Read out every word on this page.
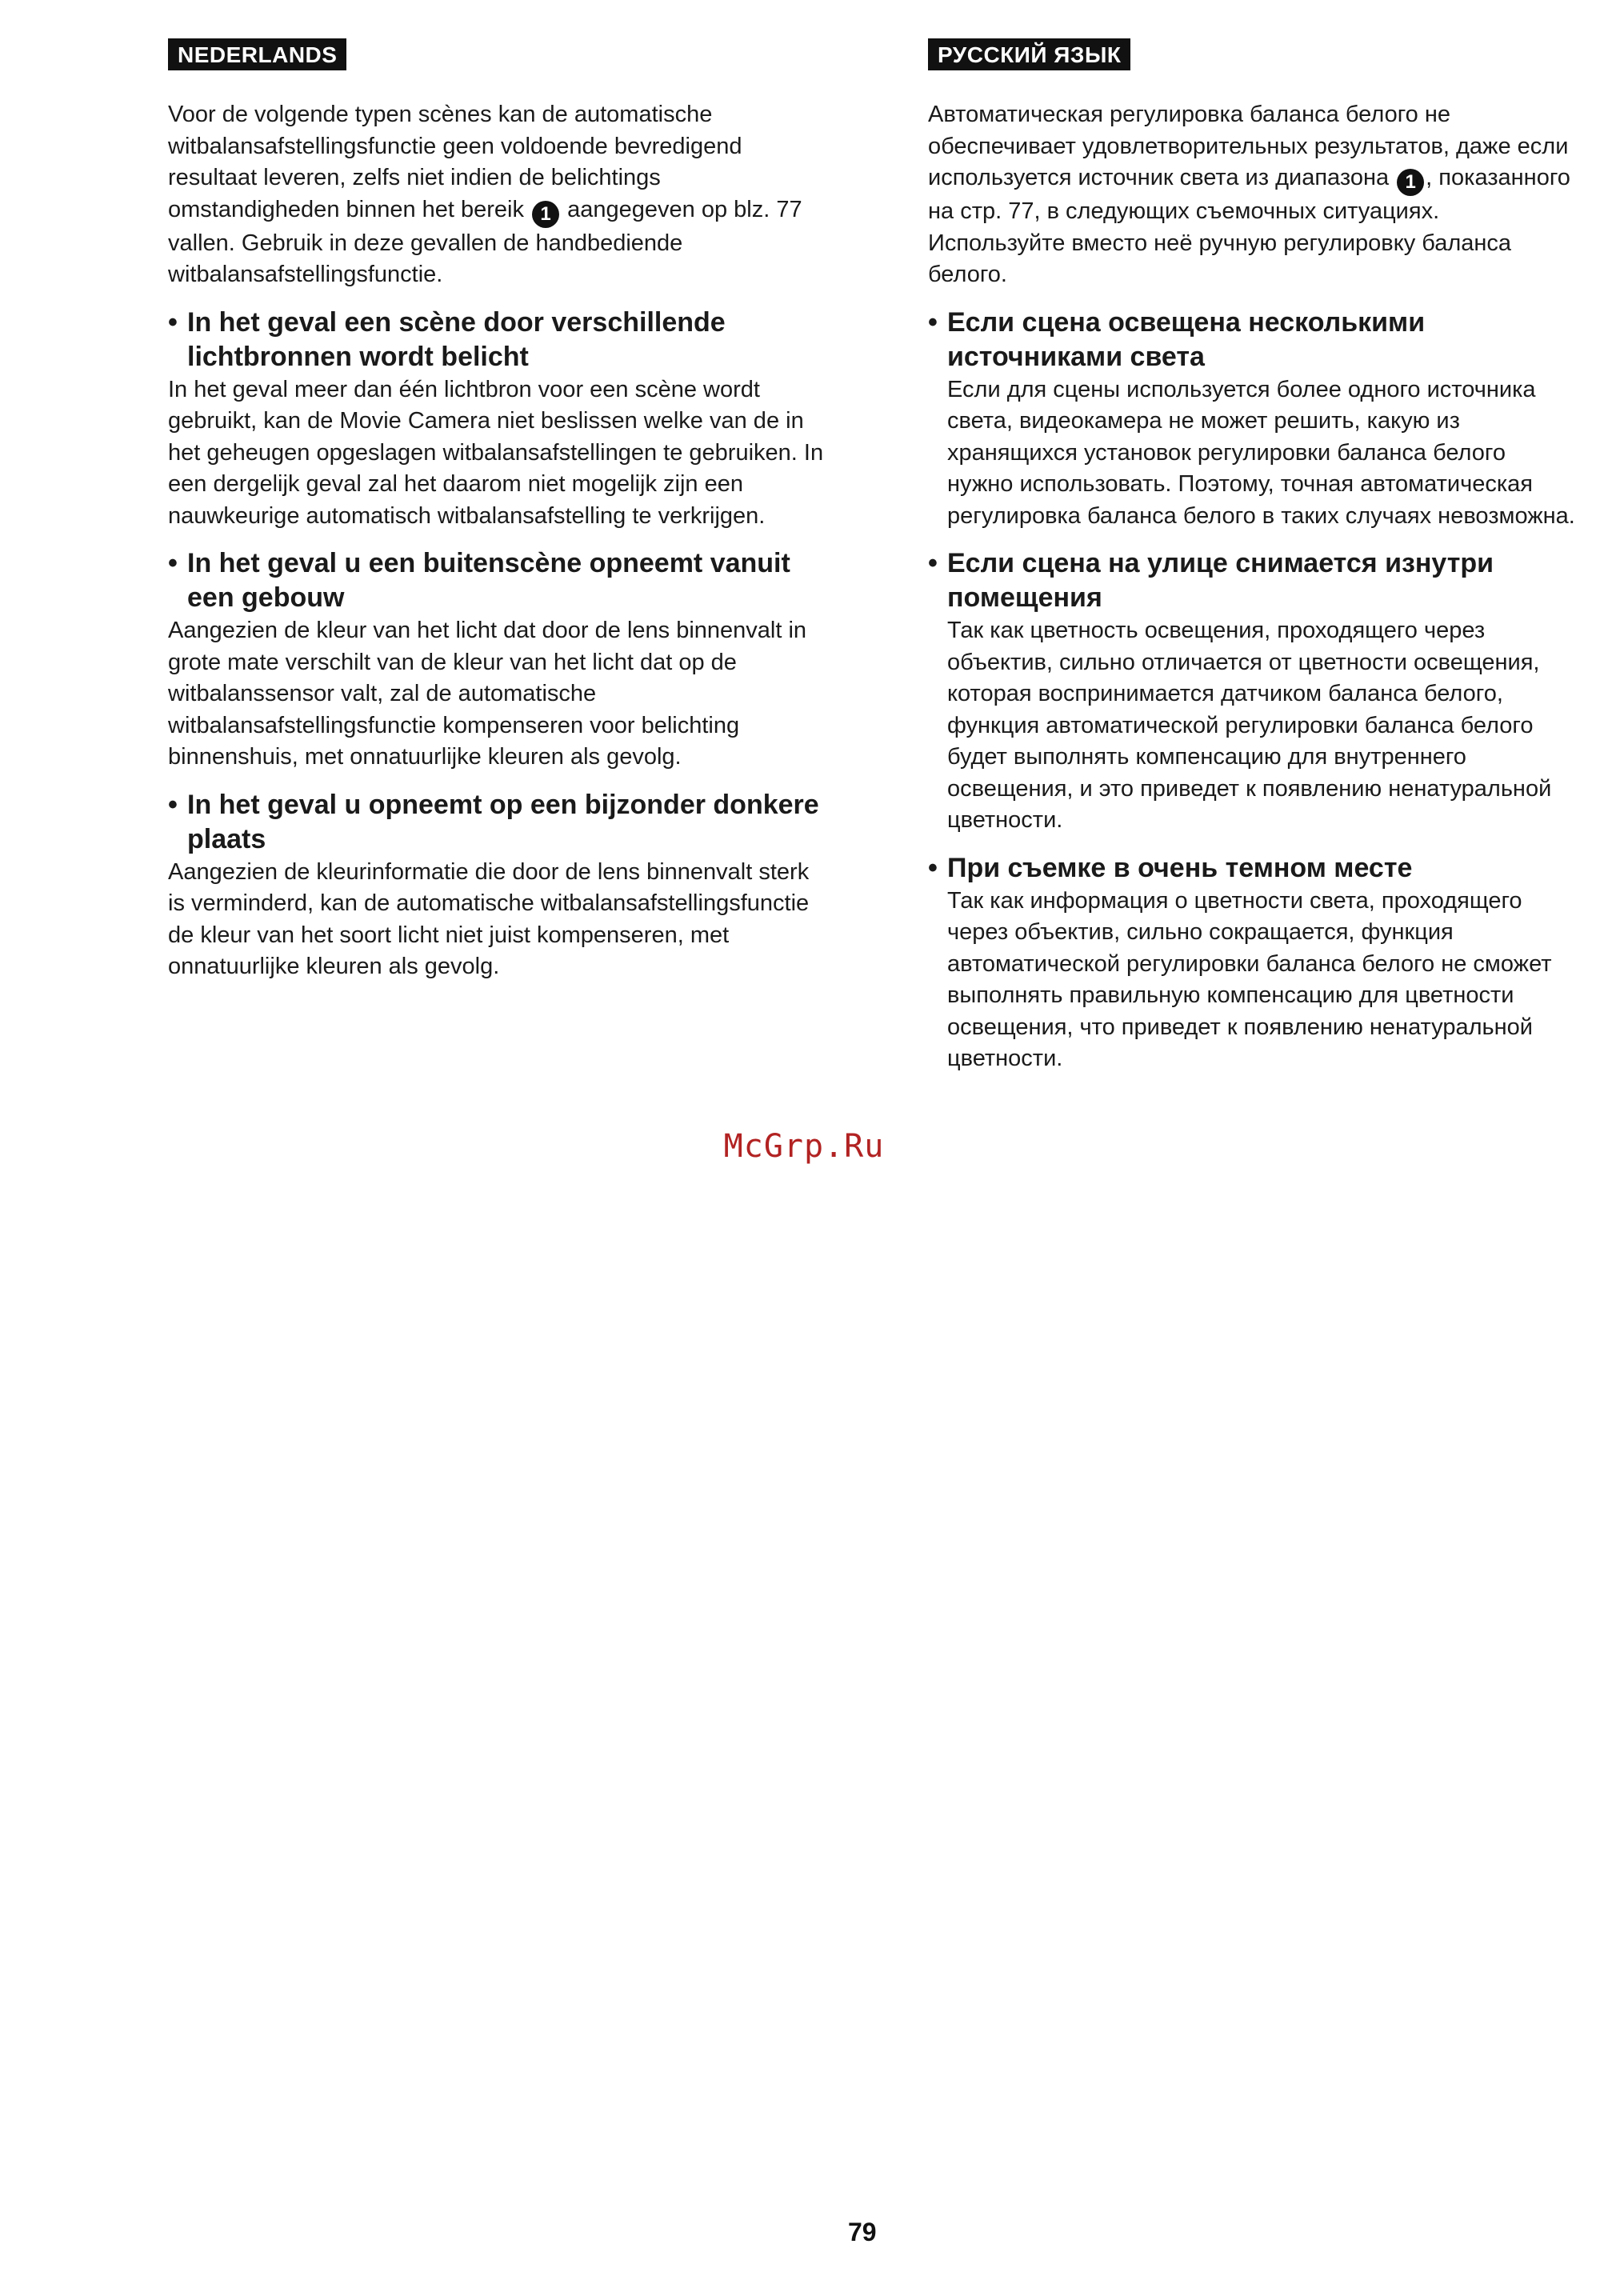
NEDERLANDS

Voor de volgende typen scènes kan de automatische witbalansafstellingsfunctie geen voldoende bevredigend resultaat leveren, zelfs niet indien de belichtings omstandigheden binnen het bereik 1 aangegeven op blz. 77 vallen. Gebruik in deze gevallen de handbediende witbalansafstellingsfunctie.

• In het geval een scène door verschillende lichtbronnen wordt belicht

In het geval meer dan één lichtbron voor een scène wordt gebruikt, kan de Movie Camera niet beslissen welke van de in het geheugen opgeslagen witbalansafstellingen te gebruiken. In een dergelijk geval zal het daarom niet mogelijk zijn een nauwkeurige automatisch witbalansafstelling te verkrijgen.

• In het geval u een buitenscène opneemt vanuit een gebouw

Aangezien de kleur van het licht dat door de lens binnenvalt in grote mate verschilt van de kleur van het licht dat op de witbalanssensor valt, zal de automatische witbalansafstellingsfunctie kompenseren voor belichting binnenshuis, met onnatuurlijke kleuren als gevolg.

• In het geval u opneemt op een bijzonder donkere plaats

Aangezien de kleurinformatie die door de lens binnenvalt sterk is verminderd, kan de automatische witbalansafstellingsfunctie de kleur van het soort licht niet juist kompenseren, met onnatuurlijke kleuren als gevolg.

РУССКИЙ ЯЗЫК

Автоматическая регулировка баланса белого не обеспечивает удовлетворительных результатов, даже если используется источник света из диапазона 1 , показанного на стр. 77, в следующих съемочных ситуациях. Используйте вместо неё ручную регулировку баланса белого.

• Если сцена освещена несколькими источниками света

Если для сцены используется более одного источника света, видеокамера не может решить, какую из хранящихся установок регулировки баланса белого нужно использовать. Поэтому, точная автоматическая регулировка баланса белого в таких случаях невозможна.

• Если сцена на улице снимается изнутри помещения

Так как цветность освещения, проходящего через объектив, сильно отличается от цветности освещения, которая воспринимается датчиком баланса белого, функция автоматической регулировки баланса белого будет выполнять компенсацию для внутреннего освещения, и это приведет к появлению ненатуральной цветности.

• При съемке в очень темном месте

Так как информация о цветности света, проходящего через объектив, сильно сокращается, функция автоматической регулировки баланса белого не сможет выполнять правильную компенсацию для цветности освещения, что приведет к появлению ненатуральной цветности.

McGrp.Ru
79
